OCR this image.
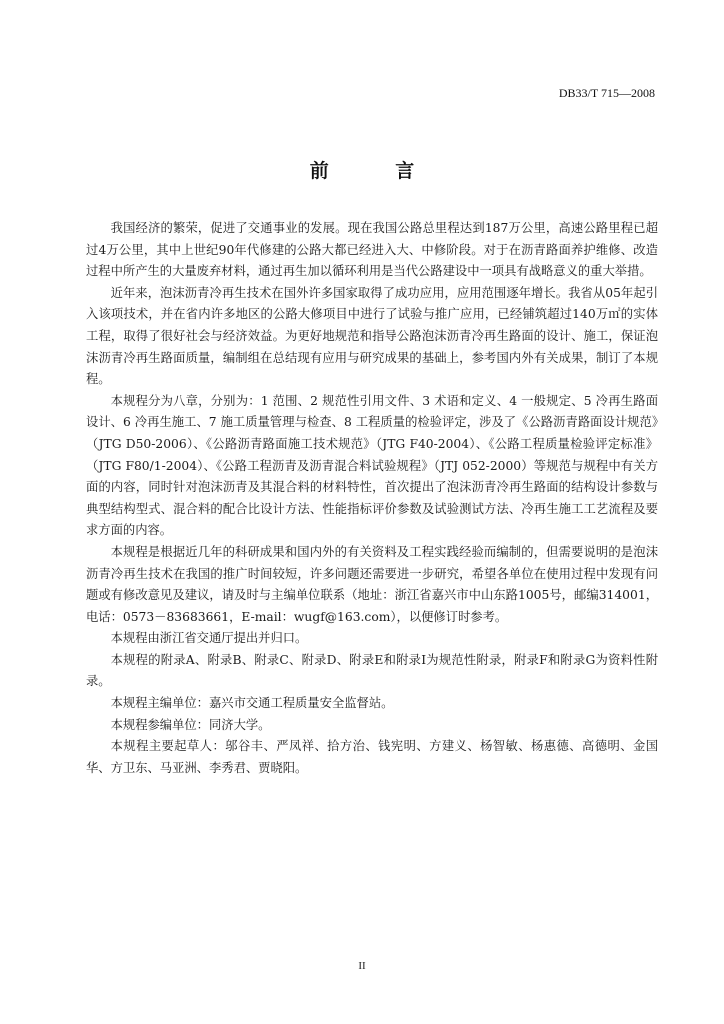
DB33/T 715—2008
前 言

我国经济的繁荣，促进了交通事业的发展。现在我国公路总里程达到187万公里，高速公路里程已超过4万公里，其中上世纪90年代修建的公路大都已经进入大、中修阶段。对于在沥青路面养护维修、改造过程中所产生的大量废弃材料，通过再生加以循环利用是当代公路建设中一项具有战略意义的重大举措。

近年来，泡沫沥青冷再生技术在国外许多国家取得了成功应用，应用范围逐年增长。我省从05年起引入该项技术，并在省内许多地区的公路大修项目中进行了试验与推广应用，已经铺筑超过140万㎡的实体工程，取得了很好社会与经济效益。为更好地规范和指导公路泡沫沥青冷再生路面的设计、施工，保证泡沫沥青冷再生路面质量，编制组在总结现有应用与研究成果的基础上，参考国内外有关成果，制订了本规程。

本规程分为八章，分别为：1 范围、2 规范性引用文件、3 术语和定义、4 一般规定、5 冷再生路面设计、6 冷再生施工、7 施工质量管理与检查、8 工程质量的检验评定，涉及了《公路沥青路面设计规范》（JTG D50-2006）、《公路沥青路面施工技术规范》（JTG F40-2004）、《公路工程质量检验评定标准》（JTG F80/1-2004）、《公路工程沥青及沥青混合料试验规程》（JTJ 052-2000）等规范与规程中有关方面的内容，同时针对泡沫沥青及其混合料的材料特性，首次提出了泡沫沥青冷再生路面的结构设计参数与典型结构型式、混合料的配合比设计方法、性能指标评价参数及试验测试方法、冷再生施工工艺流程及要求方面的内容。

本规程是根据近几年的科研成果和国内外的有关资料及工程实践经验而编制的，但需要说明的是泡沫沥青冷再生技术在我国的推广时间较短，许多问题还需要进一步研究，希望各单位在使用过程中发现有问题或有修改意见及建议，请及时与主编单位联系（地址：浙江省嘉兴市中山东路1005号，邮编314001，电话：0573－83683661，E-mail：wugf@163.com），以便修订时参考。

本规程由浙江省交通厅提出并归口。

本规程的附录A、附录B、附录C、附录D、附录E和附录I为规范性附录，附录F和附录G为资料性附录。

本规程主编单位：嘉兴市交通工程质量安全监督站。

本规程参编单位：同济大学。

本规程主要起草人：邬谷丰、严凤祥、拾方治、钱宪明、方建义、杨智敏、杨惠德、高德明、金国华、方卫东、马亚洲、李秀君、贾晓阳。

II
